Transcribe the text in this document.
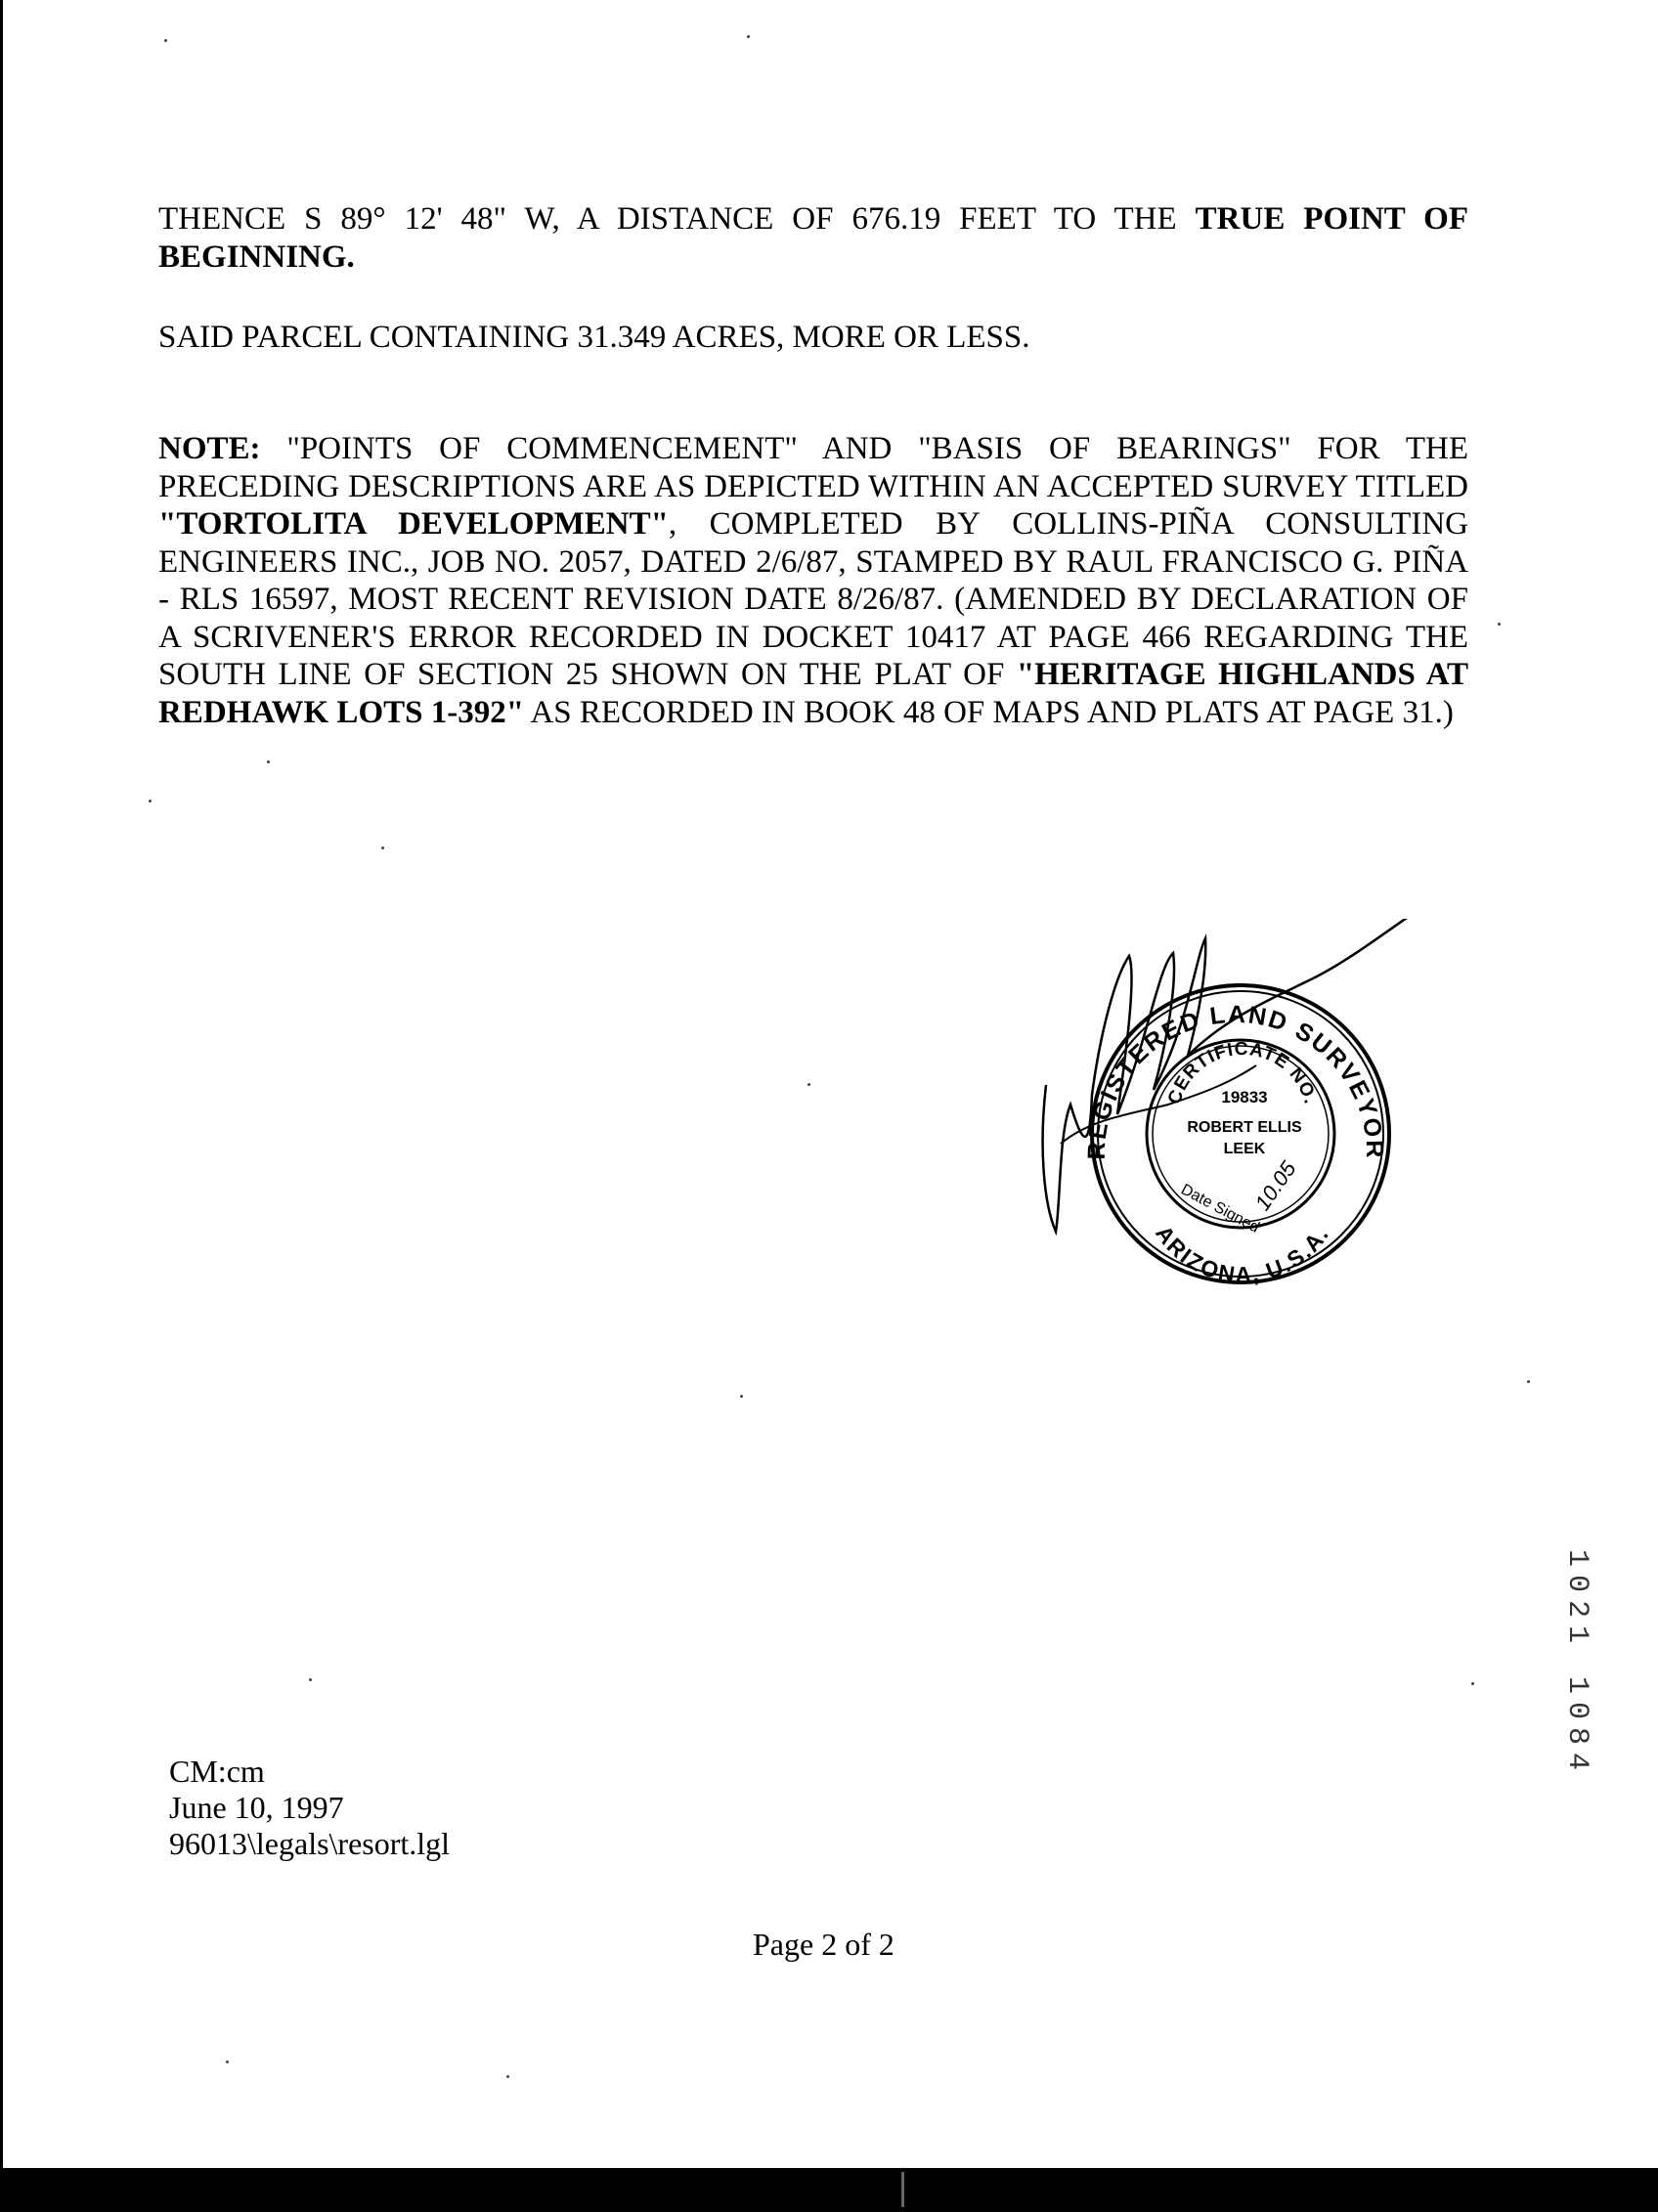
THENCE S 89° 12' 48" W, A DISTANCE OF 676.19 FEET TO THE TRUE POINT OF BEGINNING.

SAID PARCEL CONTAINING 31.349 ACRES, MORE OR LESS.

NOTE: "POINTS OF COMMENCEMENT" AND "BASIS OF BEARINGS" FOR THE PRECEDING DESCRIPTIONS ARE AS DEPICTED WITHIN AN ACCEPTED SURVEY TITLED "TORTOLITA DEVELOPMENT", COMPLETED BY COLLINS-PIÑA CONSULTING ENGINEERS INC., JOB NO. 2057, DATED 2/6/87, STAMPED BY RAUL FRANCISCO G. PIÑA - RLS 16597, MOST RECENT REVISION DATE 8/26/87. (AMENDED BY DECLARATION OF A SCRIVENER'S ERROR RECORDED IN DOCKET 10417 AT PAGE 466 REGARDING THE SOUTH LINE OF SECTION 25 SHOWN ON THE PLAT OF "HERITAGE HIGHLANDS AT REDHAWK LOTS 1-392" AS RECORDED IN BOOK 48 OF MAPS AND PLATS AT PAGE 31.)

REGISTERED LAND SURVEYOR
ARIZONA, U.S.A.
CERTIFICATE NO.
19833
ROBERT ELLIS
LEEK
Date Signed
10.05
CM:cm
June 10, 1997
96013\legals\resort.lgl
Page 2 of 2
1021 1084
